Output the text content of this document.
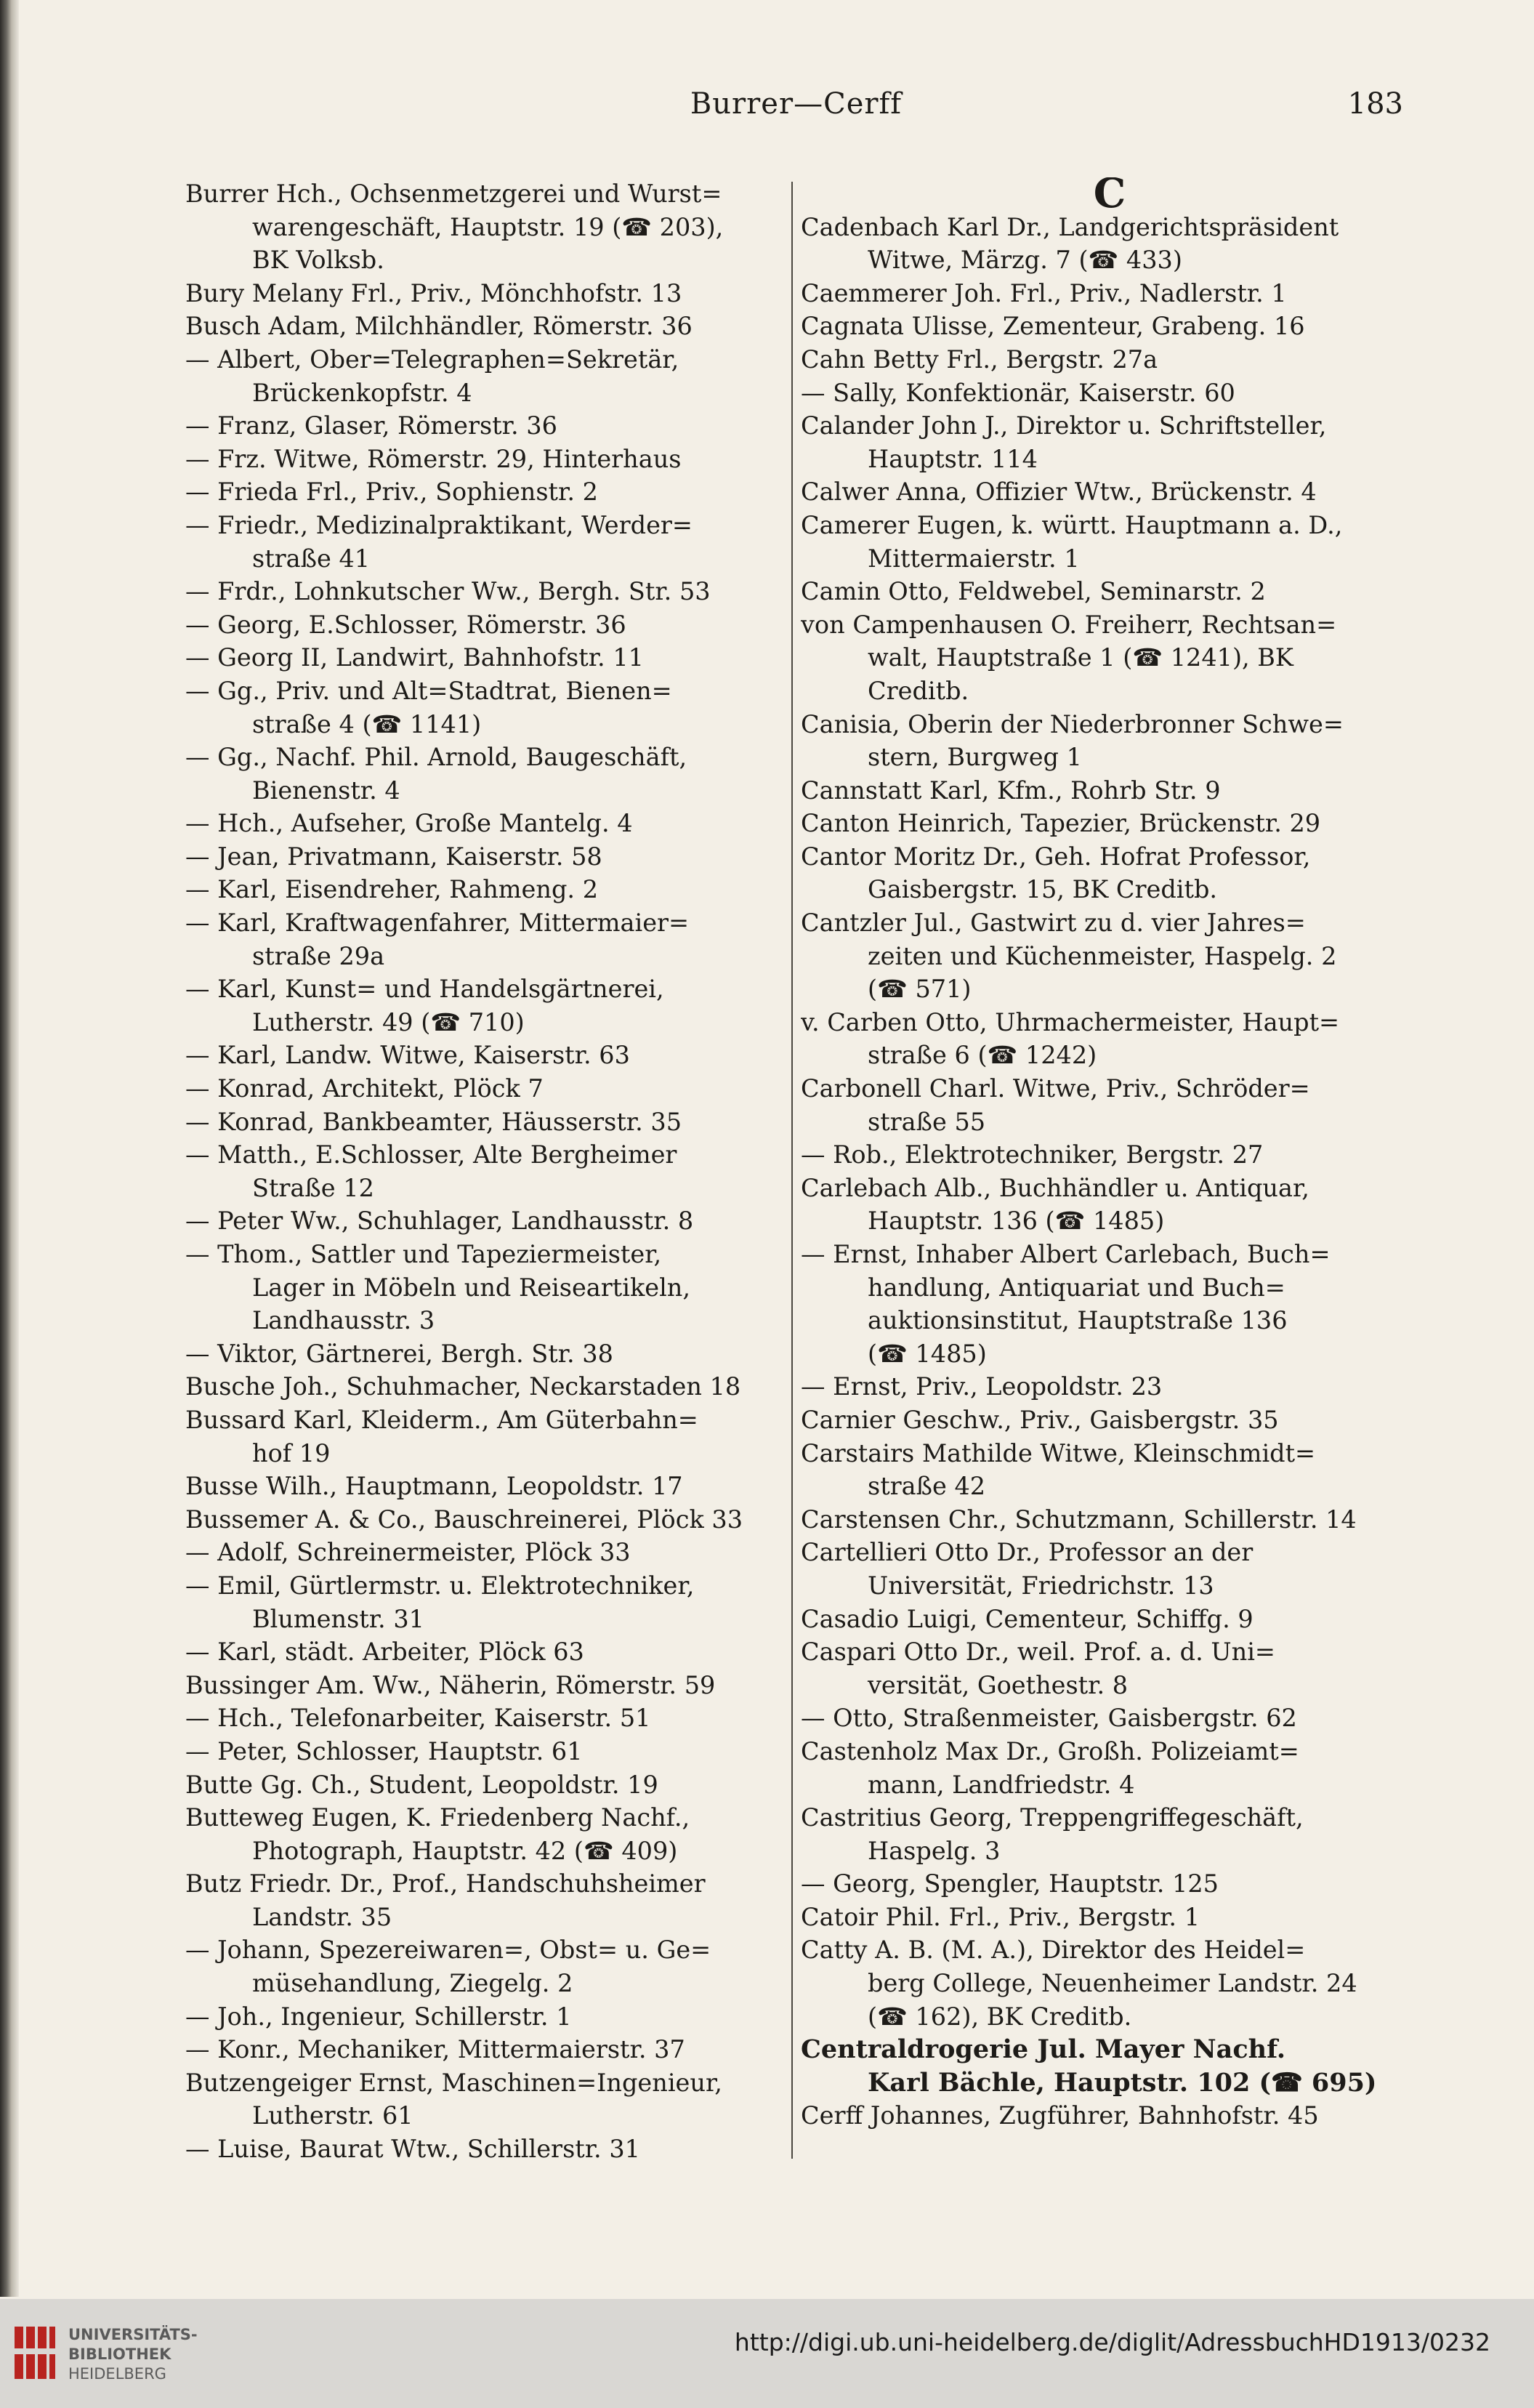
Burrer—Cerff	183
Burrer Hch., Ochsenmetzgerei und Wurst=
warengeschäft, Hauptstr. 19 (☎ 203),
BK Volksb.
Bury Melany Frl., Priv., Mönchhofstr. 13
Busch Adam, Milchhändler, Römerstr. 36
— Albert, Ober=Telegraphen=Sekretär,
Brückenkopfstr. 4
— Franz, Glaser, Römerstr. 36
— Frz. Witwe, Römerstr. 29, Hinterhaus
— Frieda Frl., Priv., Sophienstr. 2
— Friedr., Medizinalpraktikant, Werder=
straße 41
— Frdr., Lohnkutscher Ww., Bergh. Str. 53
— Georg, E.Schlosser, Römerstr. 36
— Georg II, Landwirt, Bahnhofstr. 11
— Gg., Priv. und Alt=Stadtrat, Bienen=
straße 4 (☎ 1141)
— Gg., Nachf. Phil. Arnold, Baugeschäft,
Bienenstr. 4
— Hch., Aufseher, Große Mantelg. 4
— Jean, Privatmann, Kaiserstr. 58
— Karl, Eisendreher, Rahmeng. 2
— Karl, Kraftwagenfahrer, Mittermaier=
straße 29a
— Karl, Kunst= und Handelsgärtnerei,
Lutherstr. 49 (☎ 710)
— Karl, Landw. Witwe, Kaiserstr. 63
— Konrad, Architekt, Plöck 7
— Konrad, Bankbeamter, Häusserstr. 35
— Matth., E.Schlosser, Alte Bergheimer
Straße 12
— Peter Ww., Schuhlager, Landhausstr. 8
— Thom., Sattler und Tapeziermeister,
Lager in Möbeln und Reiseartikeln,
Landhausstr. 3
— Viktor, Gärtnerei, Bergh. Str. 38
Busche Joh., Schuhmacher, Neckarstaden 18
Bussard Karl, Kleiderm., Am Güterbahn=
hof 19
Busse Wilh., Hauptmann, Leopoldstr. 17
Bussemer A. & Co., Bauschreinerei, Plöck 33
— Adolf, Schreinermeister, Plöck 33
— Emil, Gürtlermstr. u. Elektrotechniker,
Blumenstr. 31
— Karl, städt. Arbeiter, Plöck 63
Bussinger Am. Ww., Näherin, Römerstr. 59
— Hch., Telefonarbeiter, Kaiserstr. 51
— Peter, Schlosser, Hauptstr. 61
Butte Gg. Ch., Student, Leopoldstr. 19
Butteweg Eugen, K. Friedenberg Nachf.,
Photograph, Hauptstr. 42 (☎ 409)
Butz Friedr. Dr., Prof., Handschuhsheimer
Landstr. 35
— Johann, Spezereiwaren=, Obst= u. Ge=
müsehandlung, Ziegelg. 2
— Joh., Ingenieur, Schillerstr. 1
— Konr., Mechaniker, Mittermaierstr. 37
Butzengeiger Ernst, Maschinen=Ingenieur,
Lutherstr. 61
— Luise, Baurat Wtw., Schillerstr. 31
C
Cadenbach Karl Dr., Landgerichtspräsident
Witwe, Märzg. 7 (☎ 433)
Caemmerer Joh. Frl., Priv., Nadlerstr. 1
Cagnata Ulisse, Zementeur, Grabeng. 16
Cahn Betty Frl., Bergstr. 27a
— Sally, Konfektionär, Kaiserstr. 60
Calander John J., Direktor u. Schriftsteller,
Hauptstr. 114
Calwer Anna, Offizier Wtw., Brückenstr. 4
Camerer Eugen, k. württ. Hauptmann a. D.,
Mittermaierstr. 1
Camin Otto, Feldwebel, Seminarstr. 2
von Campenhausen O. Freiherr, Rechtsan=
walt, Hauptstraße 1 (☎ 1241), BK
Creditb.
Canisia, Oberin der Niederbronner Schwe=
stern, Burgweg 1
Cannstatt Karl, Kfm., Rohrb Str. 9
Canton Heinrich, Tapezier, Brückenstr. 29
Cantor Moritz Dr., Geh. Hofrat Professor,
Gaisbergstr. 15, BK Creditb.
Cantzler Jul., Gastwirt zu d. vier Jahres=
zeiten und Küchenmeister, Haspelg. 2
(☎ 571)
v. Carben Otto, Uhrmachermeister, Haupt=
straße 6 (☎ 1242)
Carbonell Charl. Witwe, Priv., Schröder=
straße 55
— Rob., Elektrotechniker, Bergstr. 27
Carlebach Alb., Buchhändler u. Antiquar,
Hauptstr. 136 (☎ 1485)
— Ernst, Inhaber Albert Carlebach, Buch=
handlung, Antiquariat und Buch=
auktionsinstitut, Hauptstraße 136
(☎ 1485)
— Ernst, Priv., Leopoldstr. 23
Carnier Geschw., Priv., Gaisbergstr. 35
Carstairs Mathilde Witwe, Kleinschmidt=
straße 42
Carstensen Chr., Schutzmann, Schillerstr. 14
Cartellieri Otto Dr., Professor an der
Universität, Friedrichstr. 13
Casadio Luigi, Cementeur, Schiffg. 9
Caspari Otto Dr., weil. Prof. a. d. Uni=
versität, Goethestr. 8
— Otto, Straßenmeister, Gaisbergstr. 62
Castenholz Max Dr., Großh. Polizeiamt=
mann, Landfriedstr. 4
Castritius Georg, Treppengriffegeschäft,
Haspelg. 3
— Georg, Spengler, Hauptstr. 125
Catoir Phil. Frl., Priv., Bergstr. 1
Catty A. B. (M. A.), Direktor des Heidel=
berg College, Neuenheimer Landstr. 24
(☎ 162), BK Creditb.
Centraldrogerie Jul. Mayer Nachf.
Karl Bächle, Hauptstr. 102 (☎ 695)
Cerff Johannes, Zugführer, Bahnhofstr. 45
UNIVERSITÄTS-
BIBLIOTHEK
HEIDELBERG
http://digi.ub.uni-heidelberg.de/diglit/AdressbuchHD1913/0232
